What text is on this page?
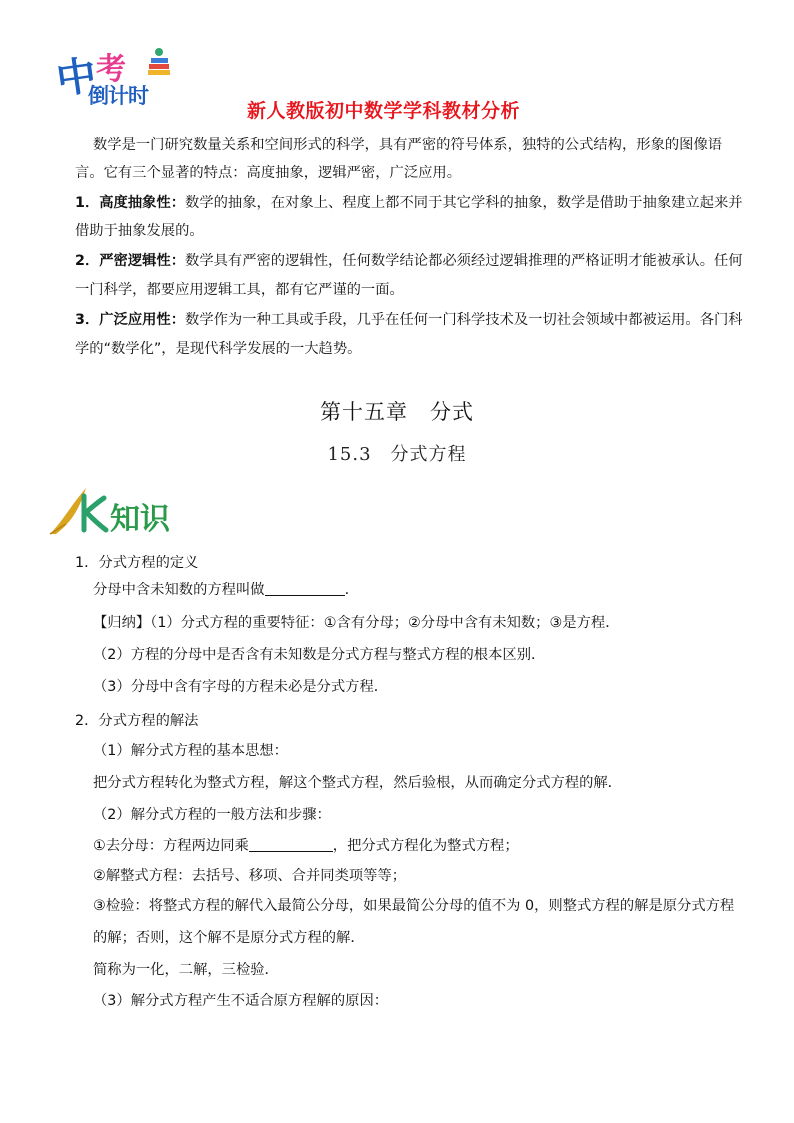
中
考
倒计时
新人教版初中数学学科教材分析
数学是一门研究数量关系和空间形式的科学，具有严密的符号体系，独特的公式结构，形象的图像语
言。它有三个显著的特点：高度抽象，逻辑严密，广泛应用。
1．高度抽象性：数学的抽象，在对象上、程度上都不同于其它学科的抽象，数学是借助于抽象建立起来并
借助于抽象发展的。
2．严密逻辑性：数学具有严密的逻辑性，任何数学结论都必须经过逻辑推理的严格证明才能被承认。任何
一门科学，都要应用逻辑工具，都有它严谨的一面。
3．广泛应用性：数学作为一种工具或手段，几乎在任何一门科学技术及一切社会领域中都被运用。各门科
学的“数学化”，是现代科学发展的一大趋势。
第十五章　分式
15.3　分式方程
知识
1．分式方程的定义
分母中含未知数的方程叫做	.
【归纳】（1）分式方程的重要特征：①含有分母；②分母中含有未知数；③是方程．
（2）方程的分母中是否含有未知数是分式方程与整式方程的根本区别．
（3）分母中含有字母的方程未必是分式方程．
2．分式方程的解法
（1）解分式方程的基本思想：
把分式方程转化为整式方程，解这个整式方程，然后验根，从而确定分式方程的解．
（2）解分式方程的一般方法和步骤：
①去分母：方程两边同乘	，把分式方程化为整式方程；
②解整式方程：去括号、移项、合并同类项等等；
③检验：将整式方程的解代入最简公分母，如果最简公分母的值不为 0，则整式方程的解是原分式方程
的解；否则，这个解不是原分式方程的解．
简称为一化，二解，三检验．
（3）解分式方程产生不适合原方程解的原因：
